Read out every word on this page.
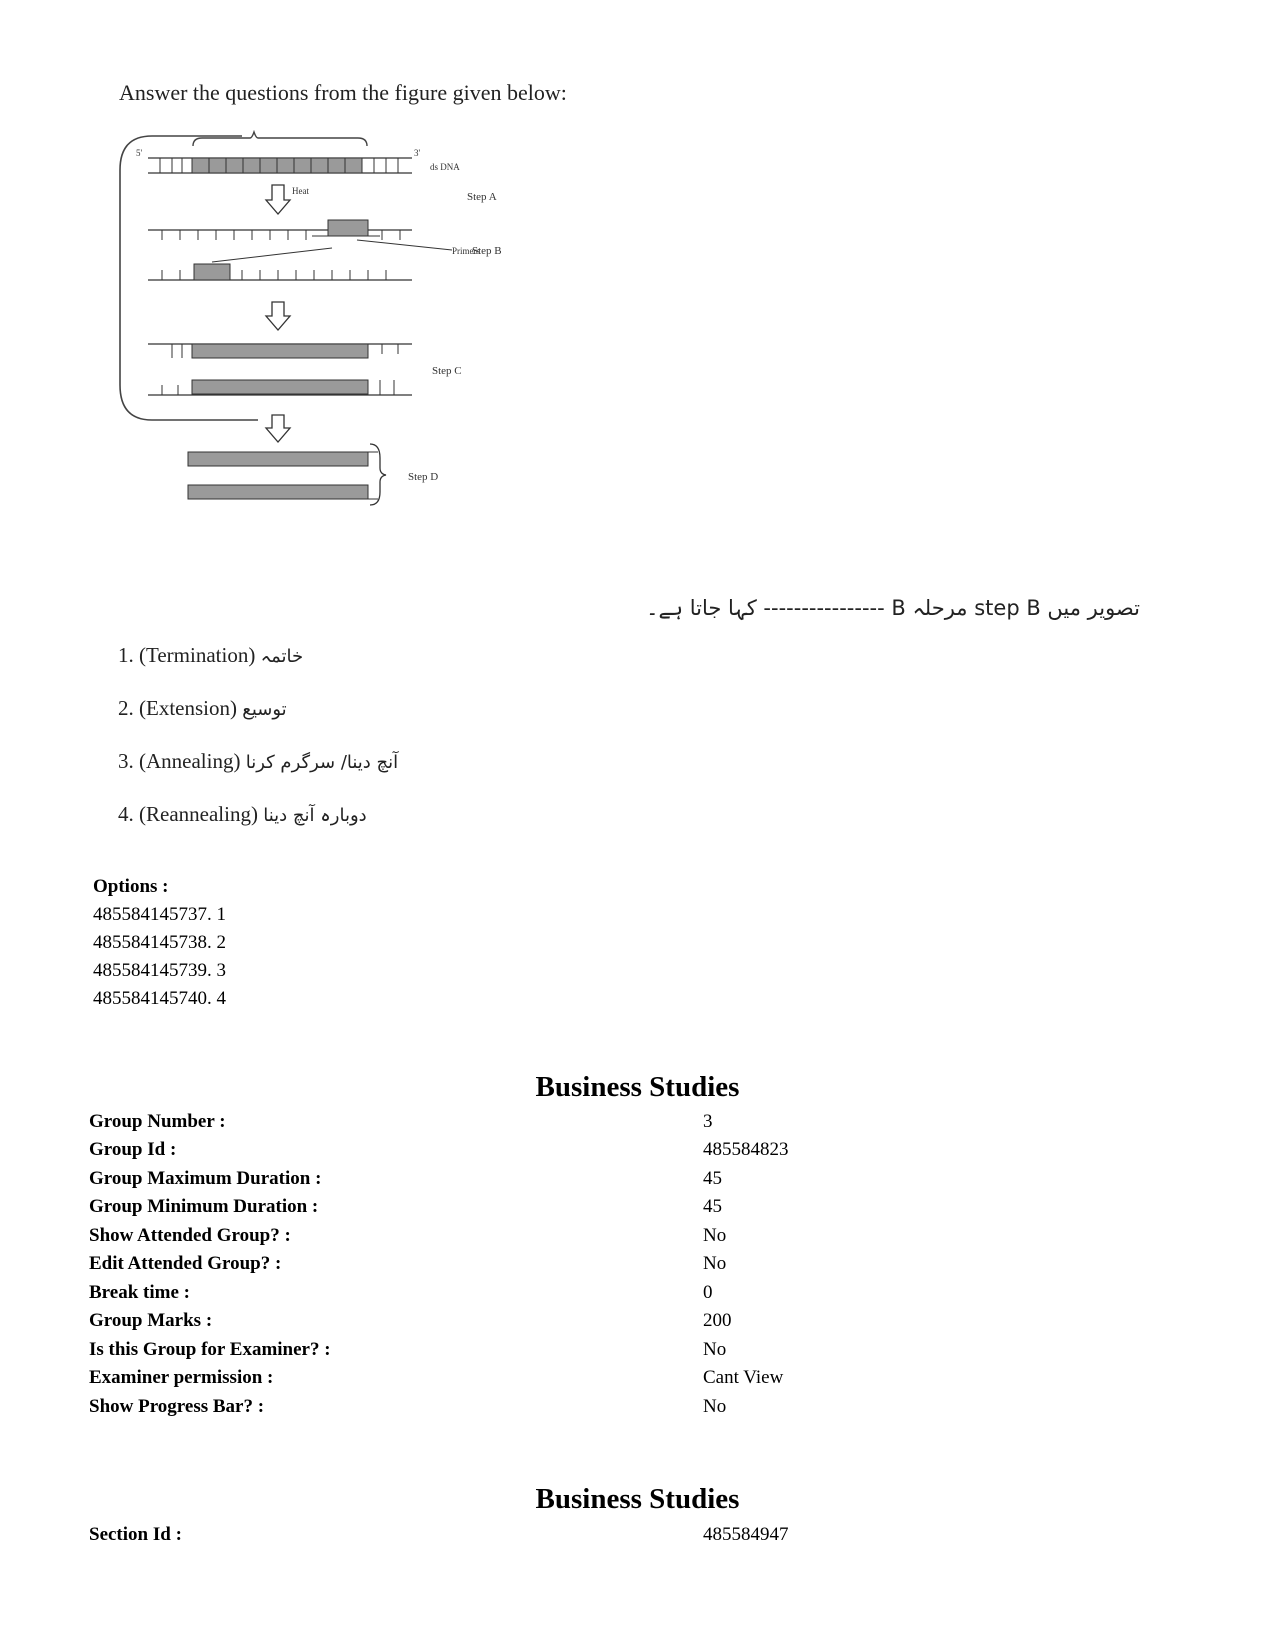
Answer the questions from the figure given below:
ds DNA
5'	3'
Heat	Step A
Primers
Step B
Step C
Step D
تصویر میں step B مرحلہ B ---------------- کہا جاتا ہے۔
1. (Termination) خاتمہ
2. (Extension) توسیع
3. (Annealing) آنچ دینا/ سرگرم کرنا
4. (Reannealing) دوبارہ آنچ دینا
Options :
485584145737. 1
485584145738. 2
485584145739. 3
485584145740. 4
Business Studies
Group Number :	3
Group Id :	485584823
Group Maximum Duration :	45
Group Minimum Duration :	45
Show Attended Group? :	No
Edit Attended Group? :	No
Break time :	0
Group Marks :	200
Is this Group for Examiner? :	No
Examiner permission :	Cant View
Show Progress Bar? :	No
Business Studies
Section Id :	485584947
